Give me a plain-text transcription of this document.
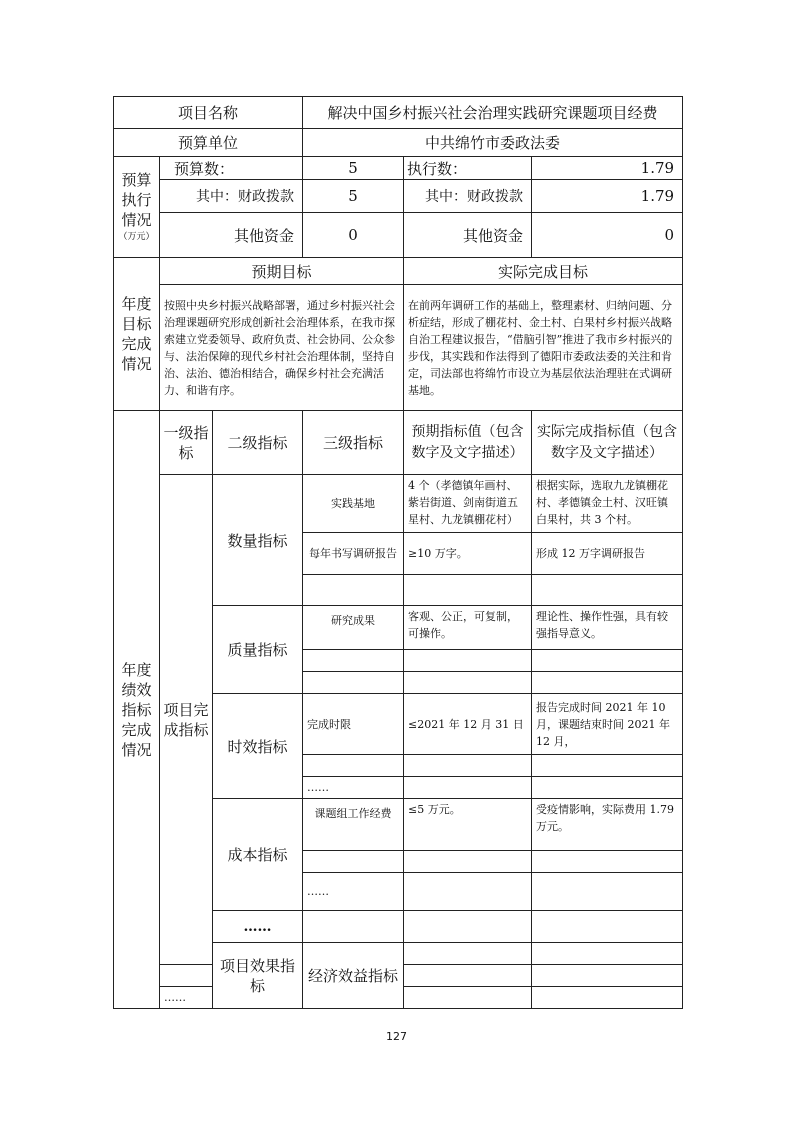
项目名称			解决中国乡村振兴社会治理实践研究课题项目经费			
预算单位			中共绵竹市委政法委			
预算执行情况
（万元）	预算数：		5	执行数：	1.79	
	其中：财政拨款		5	其中：财政拨款	1.79	
	其他资金		0	其他资金	0	
年度目标完成情况	预期目标			实际完成目标		
	按照中央乡村振兴战略部署，通过乡村振兴社会治理课题研究形成创新社会治理体系，在我市探索建立党委领导、政府负责、社会协同、公众参与、法治保障的现代乡村社会治理体制，坚持自治、法治、德治相结合，确保乡村社会充满活力、和谐有序。			在前两年调研工作的基础上，整理素材、归纳问题、分析症结，形成了棚花村、金土村、白果村乡村振兴战略自治工程建议报告，“借脑引智”推进了我市乡村振兴的步伐，其实践和作法得到了德阳市委政法委的关注和肯定，司法部也将绵竹市设立为基层依法治理驻在式调研基地。		
年度绩效指标完成情况	一级指标	二级指标	三级指标	预期指标值（包含数字及文字描述）	实际完成指标值（包含数字及文字描述）	
	项目完成指标	数量指标	实践基地	4 个（孝德镇年画村、紫岩街道、剑南街道五星村、九龙镇棚花村）	根据实际，选取九龙镇棚花村、孝德镇金土村、汉旺镇白果村，共 3 个村。	
			每年书写调研报告	≥10 万字。	形成 12 万字调研报告	

		质量指标	研究成果	客观、公正，可复制，可操作。	理论性、操作性强，具有较强指导意义。	

		时效指标	完成时限	≤2021 年 12 月 31 日	报告完成时间 2021 年 10 月，课题结束时间 2021 年 12 月，	

			……			
		成本指标	课题组工作经费	≤5 万元。	受疫情影响，实际费用 1.79 万元。	

			……			
		……				
		项目效果指标	经济效益指标			

	……					
127
